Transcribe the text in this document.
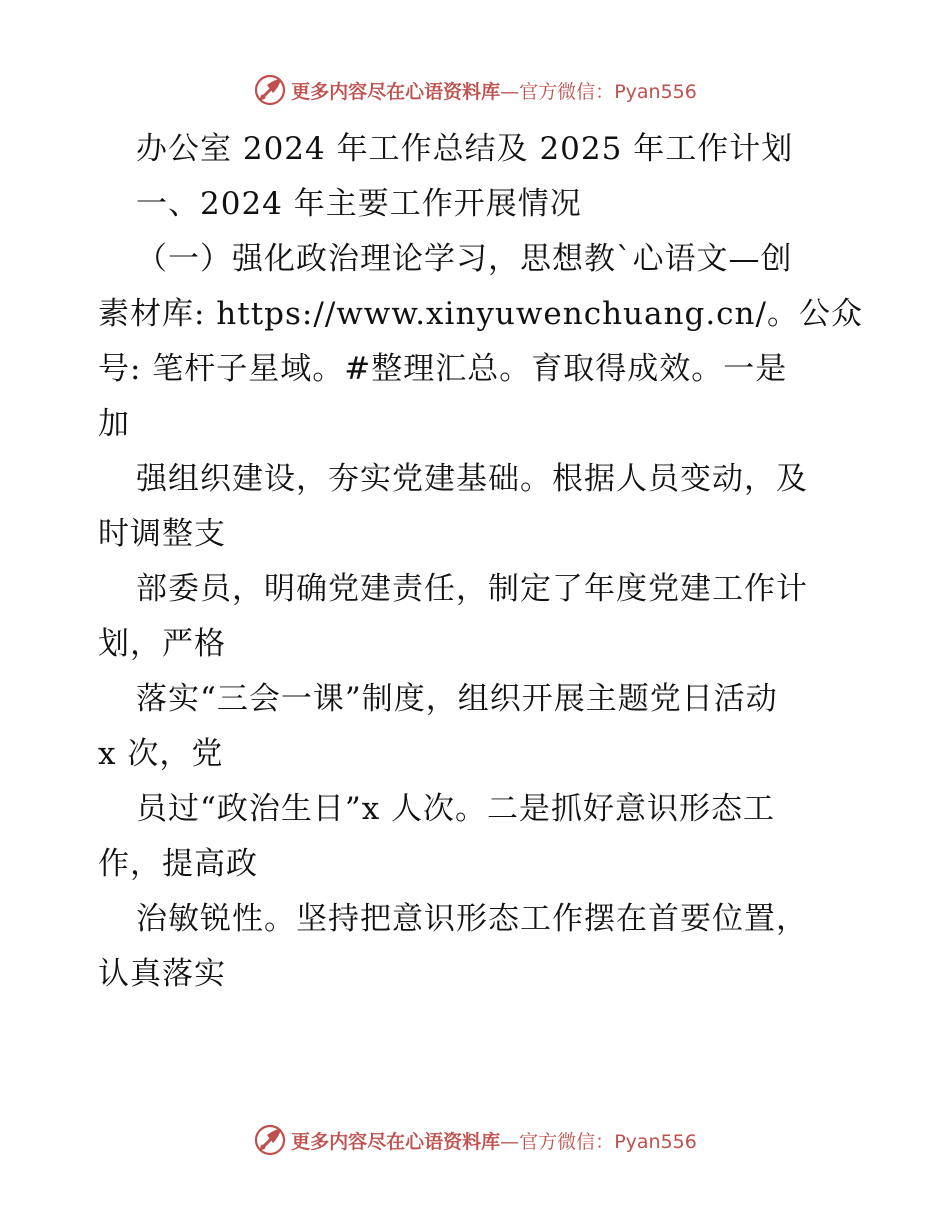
更多内容尽在心语资料库—官方微信：Pyan556
办公室 2024 年工作总结及 2025 年工作计划
一、2024 年主要工作开展情况
（一）强化政治理论学习，思想教`心语文—创
素材库: https://www.xinyuwenchuang.cn/。公众
号: 笔杆子星域。#整理汇总。育取得成效。一是
加
强组织建设，夯实党建基础。根据人员变动，及
时调整支
部委员，明确党建责任，制定了年度党建工作计
划，严格
落实“三会一课”制度，组织开展主题党日活动
x 次，党
员过“政治生日”x 人次。二是抓好意识形态工
作，提高政
治敏锐性。坚持把意识形态工作摆在首要位置，
认真落实
更多内容尽在心语资料库—官方微信：Pyan556
